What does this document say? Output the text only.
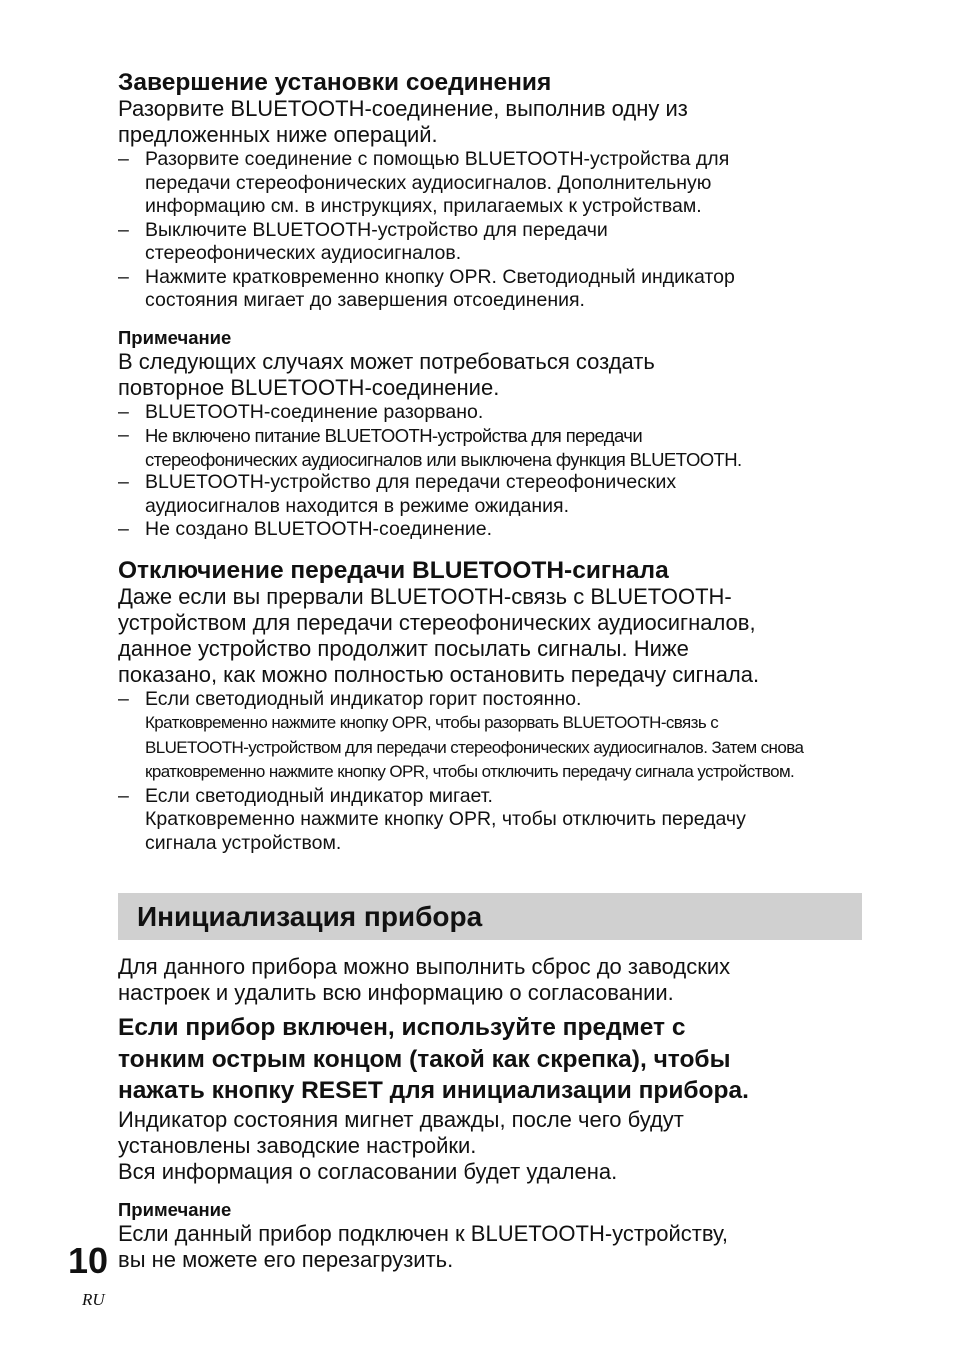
Завершение установки соединения

Разорвите BLUETOOTH-соединение, выполнив одну из

предложенных ниже операций.

– Разорвите соединение с помощью BLUETOOTH-устройства для
передачи стереофонических аудиосигналов. Дополнительную
информацию см. в инструкциях, прилагаемых к устройствам.
– Выключите BLUETOOTH-устройство для передачи
стереофонических аудиосигналов.
– Нажмите кратковременно кнопку OPR. Светодиодный индикатор
состояния мигает до завершения отсоединения.
Примечание

В следующих случаях может потребоваться создать

повторное BLUETOOTH-соединение.

– BLUETOOTH-соединение разорвано.
– Не включено питание BLUETOOTH-устройства для передачи
стереофонических аудиосигналов или выключена функция BLUETOOTH.
– BLUETOOTH-устройство для передачи стереофонических
аудиосигналов находится в режиме ожидания.
– Не создано BLUETOOTH-соединение.
Отключиение передачи BLUETOOTH-сигнала

Даже если вы прервали BLUETOOTH-связь с BLUETOOTH-

устройством для передачи стереофонических аудиосигналов,

данное устройство продолжит посылать сигналы. Ниже

показано, как можно полностью остановить передачу сигнала.

– Если светодиодный индикатор горит постоянно.
Кратковременно нажмите кнопку OPR, чтобы разорвать BLUETOOTH-связь с
BLUETOOTH-устройством для передачи стереофонических аудиосигналов. Затем снова
кратковременно нажмите кнопку OPR, чтобы отключить передачу сигнала устройством.
– Если светодиодный индикатор мигает.
Кратковременно нажмите кнопку OPR, чтобы отключить передачу
сигнала устройством.
Инициализация прибора

Для данного прибора можно выполнить сброс до заводских

настроек и удалить всю информацию о согласовании.

Если прибор включен, используйте предмет с

тонким острым концом (такой как скрепка), чтобы

нажать кнопку RESET для инициализации прибора.

Индикатор состояния мигнет дважды, после чего будут

установлены заводские настройки.

Вся информация о согласовании будет удалена.

Примечание

Если данный прибор подключен к BLUETOOTH-устройству,

вы не можете его перезагрузить.

10
RU
